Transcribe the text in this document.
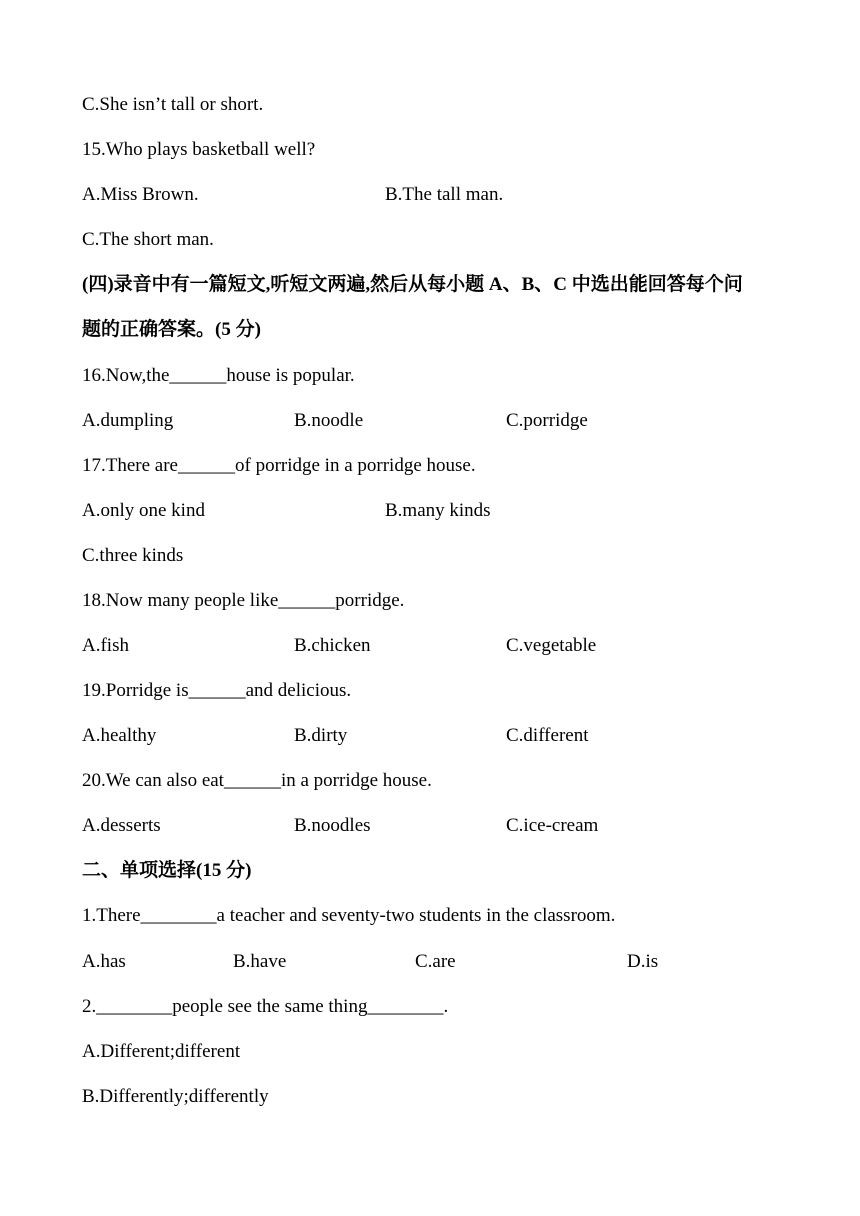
C.She isn’t tall or short.
15.Who plays basketball well?
A.Miss Brown.	B.The tall man.
C.The short man.
(四)录音中有一篇短文,听短文两遍,然后从每小题 A、B、C 中选出能回答每个问
题的正确答案。(5 分)
16.Now,the______house is popular.
A.dumpling	B.noodle	C.porridge
17.There are______of porridge in a porridge house.
A.only one kind	B.many kinds
C.three kinds
18.Now many people like______porridge.
A.fish	B.chicken	C.vegetable
19.Porridge is______and delicious.
A.healthy	B.dirty	C.different
20.We can also eat______in a porridge house.
A.desserts	B.noodles	C.ice-cream
二、单项选择(15 分)
1.There________a teacher and seventy-two students in the classroom.
A.has	B.have	C.are	D.is
2.________people see the same thing________.
A.Different;different
B.Differently;differently
